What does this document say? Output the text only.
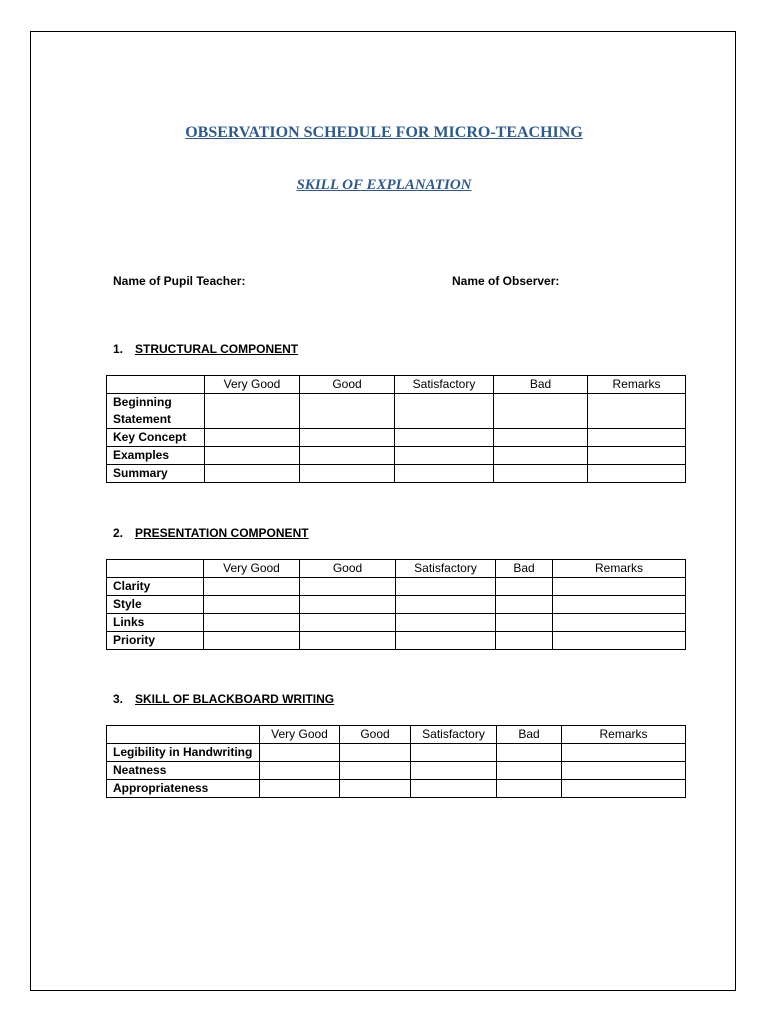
OBSERVATION SCHEDULE FOR MICRO-TEACHING
SKILL OF EXPLANATION
Name of Pupil Teacher:	Name of Observer:
1. STRUCTURAL COMPONENT
	Very Good	Good	Satisfactory	Bad	Remarks
Beginning Statement					
Key Concept					
Examples					
Summary					
2. PRESENTATION COMPONENT
	Very Good	Good	Satisfactory	Bad	Remarks
Clarity					
Style					
Links					
Priority					
3. SKILL OF BLACKBOARD WRITING
	Very Good	Good	Satisfactory	Bad	Remarks
Legibility in Handwriting					
Neatness					
Appropriateness					
